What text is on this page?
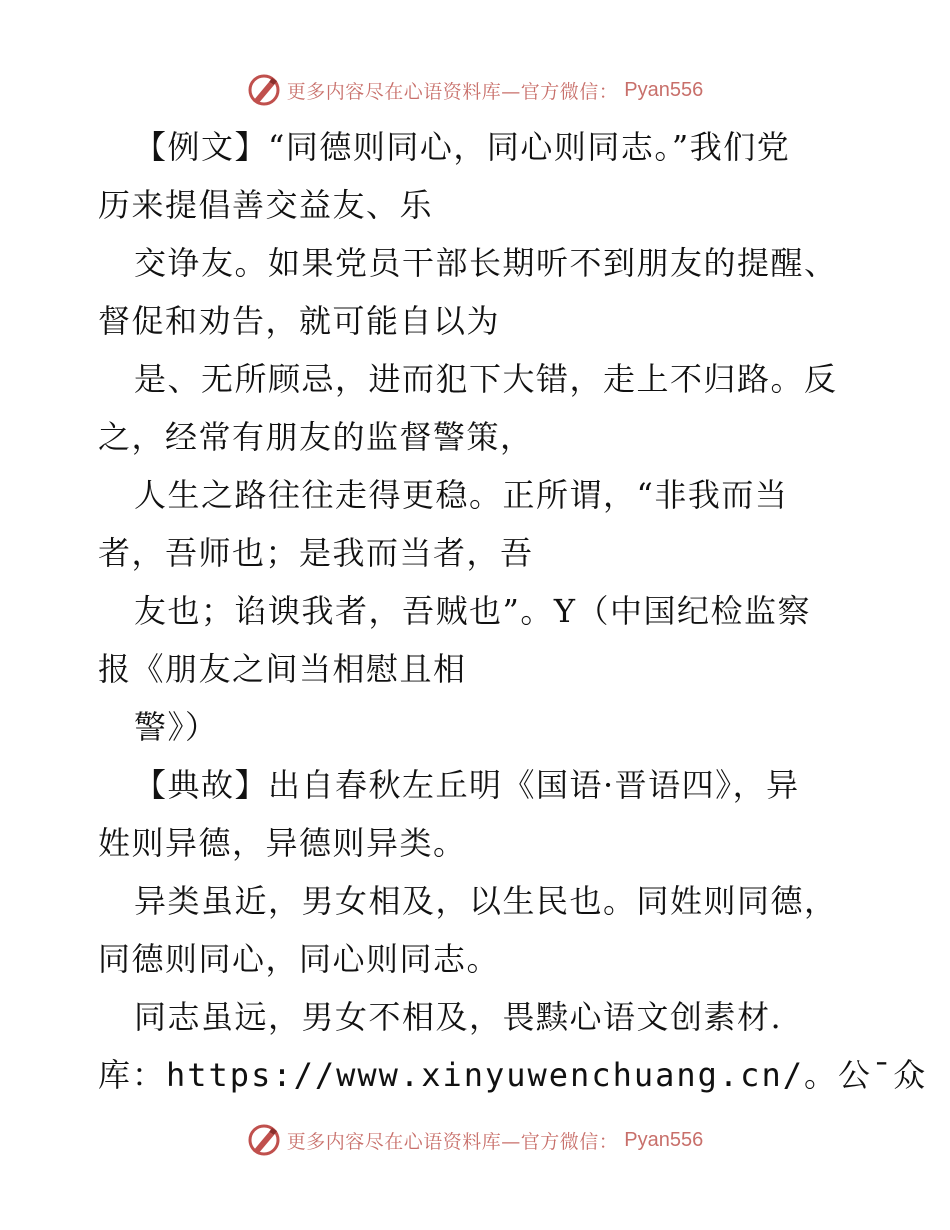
更多内容尽在心语资料库—官方微信： Pyan556
【例文】“同德则同心，同心则同志。”我们党
历来提倡善交益友、乐
交诤友。如果党员干部长期听不到朋友的提醒、
督促和劝告，就可能自以为
是、无所顾忌，进而犯下大错，走上不归路。反
之，经常有朋友的监督警策，
人生之路往往走得更稳。正所谓，“非我而当
者，吾师也；是我而当者，吾
友也；谄谀我者，吾贼也”。Y（中国纪检监察
报《朋友之间当相慰且相
警》）
【典故】出自春秋左丘明《国语·晋语四》，异
姓则异德，异德则异类。
异类虽近，男女相及，以生民也。同姓则同德，
同德则同心，同心则同志。
同志虽远，男女不相及，畏黩心语文创素材.
库：https://www.xinyuwenchuang.cn/。公¯众
更多内容尽在心语资料库—官方微信： Pyan556
